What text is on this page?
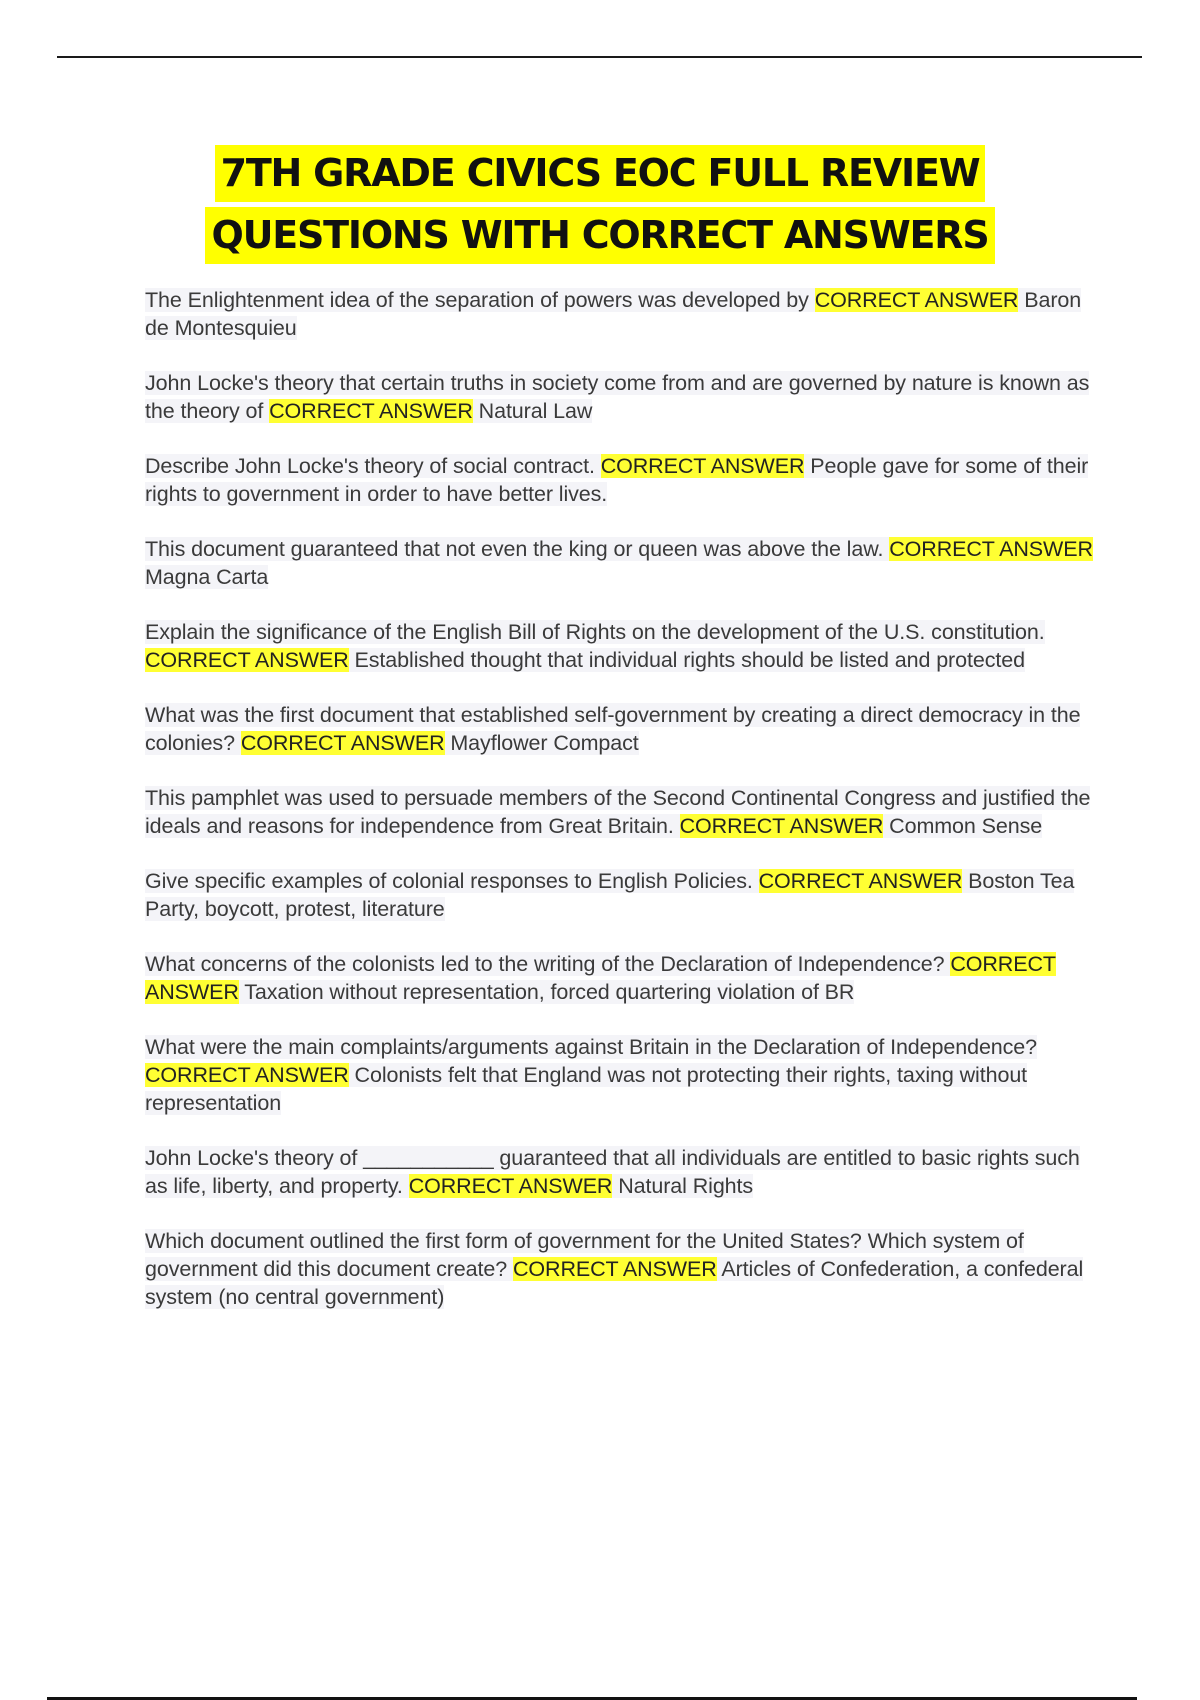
7TH GRADE CIVICS EOC FULL REVIEW
QUESTIONS WITH CORRECT ANSWERS
The Enlightenment idea of the separation of powers was developed by CORRECT ANSWER Baron de Montesquieu
John Locke's theory that certain truths in society come from and are governed by nature is known as the theory of CORRECT ANSWER Natural Law
Describe John Locke's theory of social contract. CORRECT ANSWER People gave for some of their rights to government in order to have better lives.
This document guaranteed that not even the king or queen was above the law. CORRECT ANSWER Magna Carta
Explain the significance of the English Bill of Rights on the development of the U.S. constitution. CORRECT ANSWER Established thought that individual rights should be listed and protected
What was the first document that established self-government by creating a direct democracy in the colonies? CORRECT ANSWER Mayflower Compact
This pamphlet was used to persuade members of the Second Continental Congress and justified the ideals and reasons for independence from Great Britain. CORRECT ANSWER Common Sense
Give specific examples of colonial responses to English Policies. CORRECT ANSWER Boston Tea Party, boycott, protest, literature
What concerns of the colonists led to the writing of the Declaration of Independence? CORRECT ANSWER Taxation without representation, forced quartering violation of BR
What were the main complaints/arguments against Britain in the Declaration of Independence? CORRECT ANSWER Colonists felt that England was not protecting their rights, taxing without representation
John Locke's theory of ___________ guaranteed that all individuals are entitled to basic rights such as life, liberty, and property. CORRECT ANSWER Natural Rights
Which document outlined the first form of government for the United States? Which system of government did this document create? CORRECT ANSWER Articles of Confederation, a confederal system (no central government)
